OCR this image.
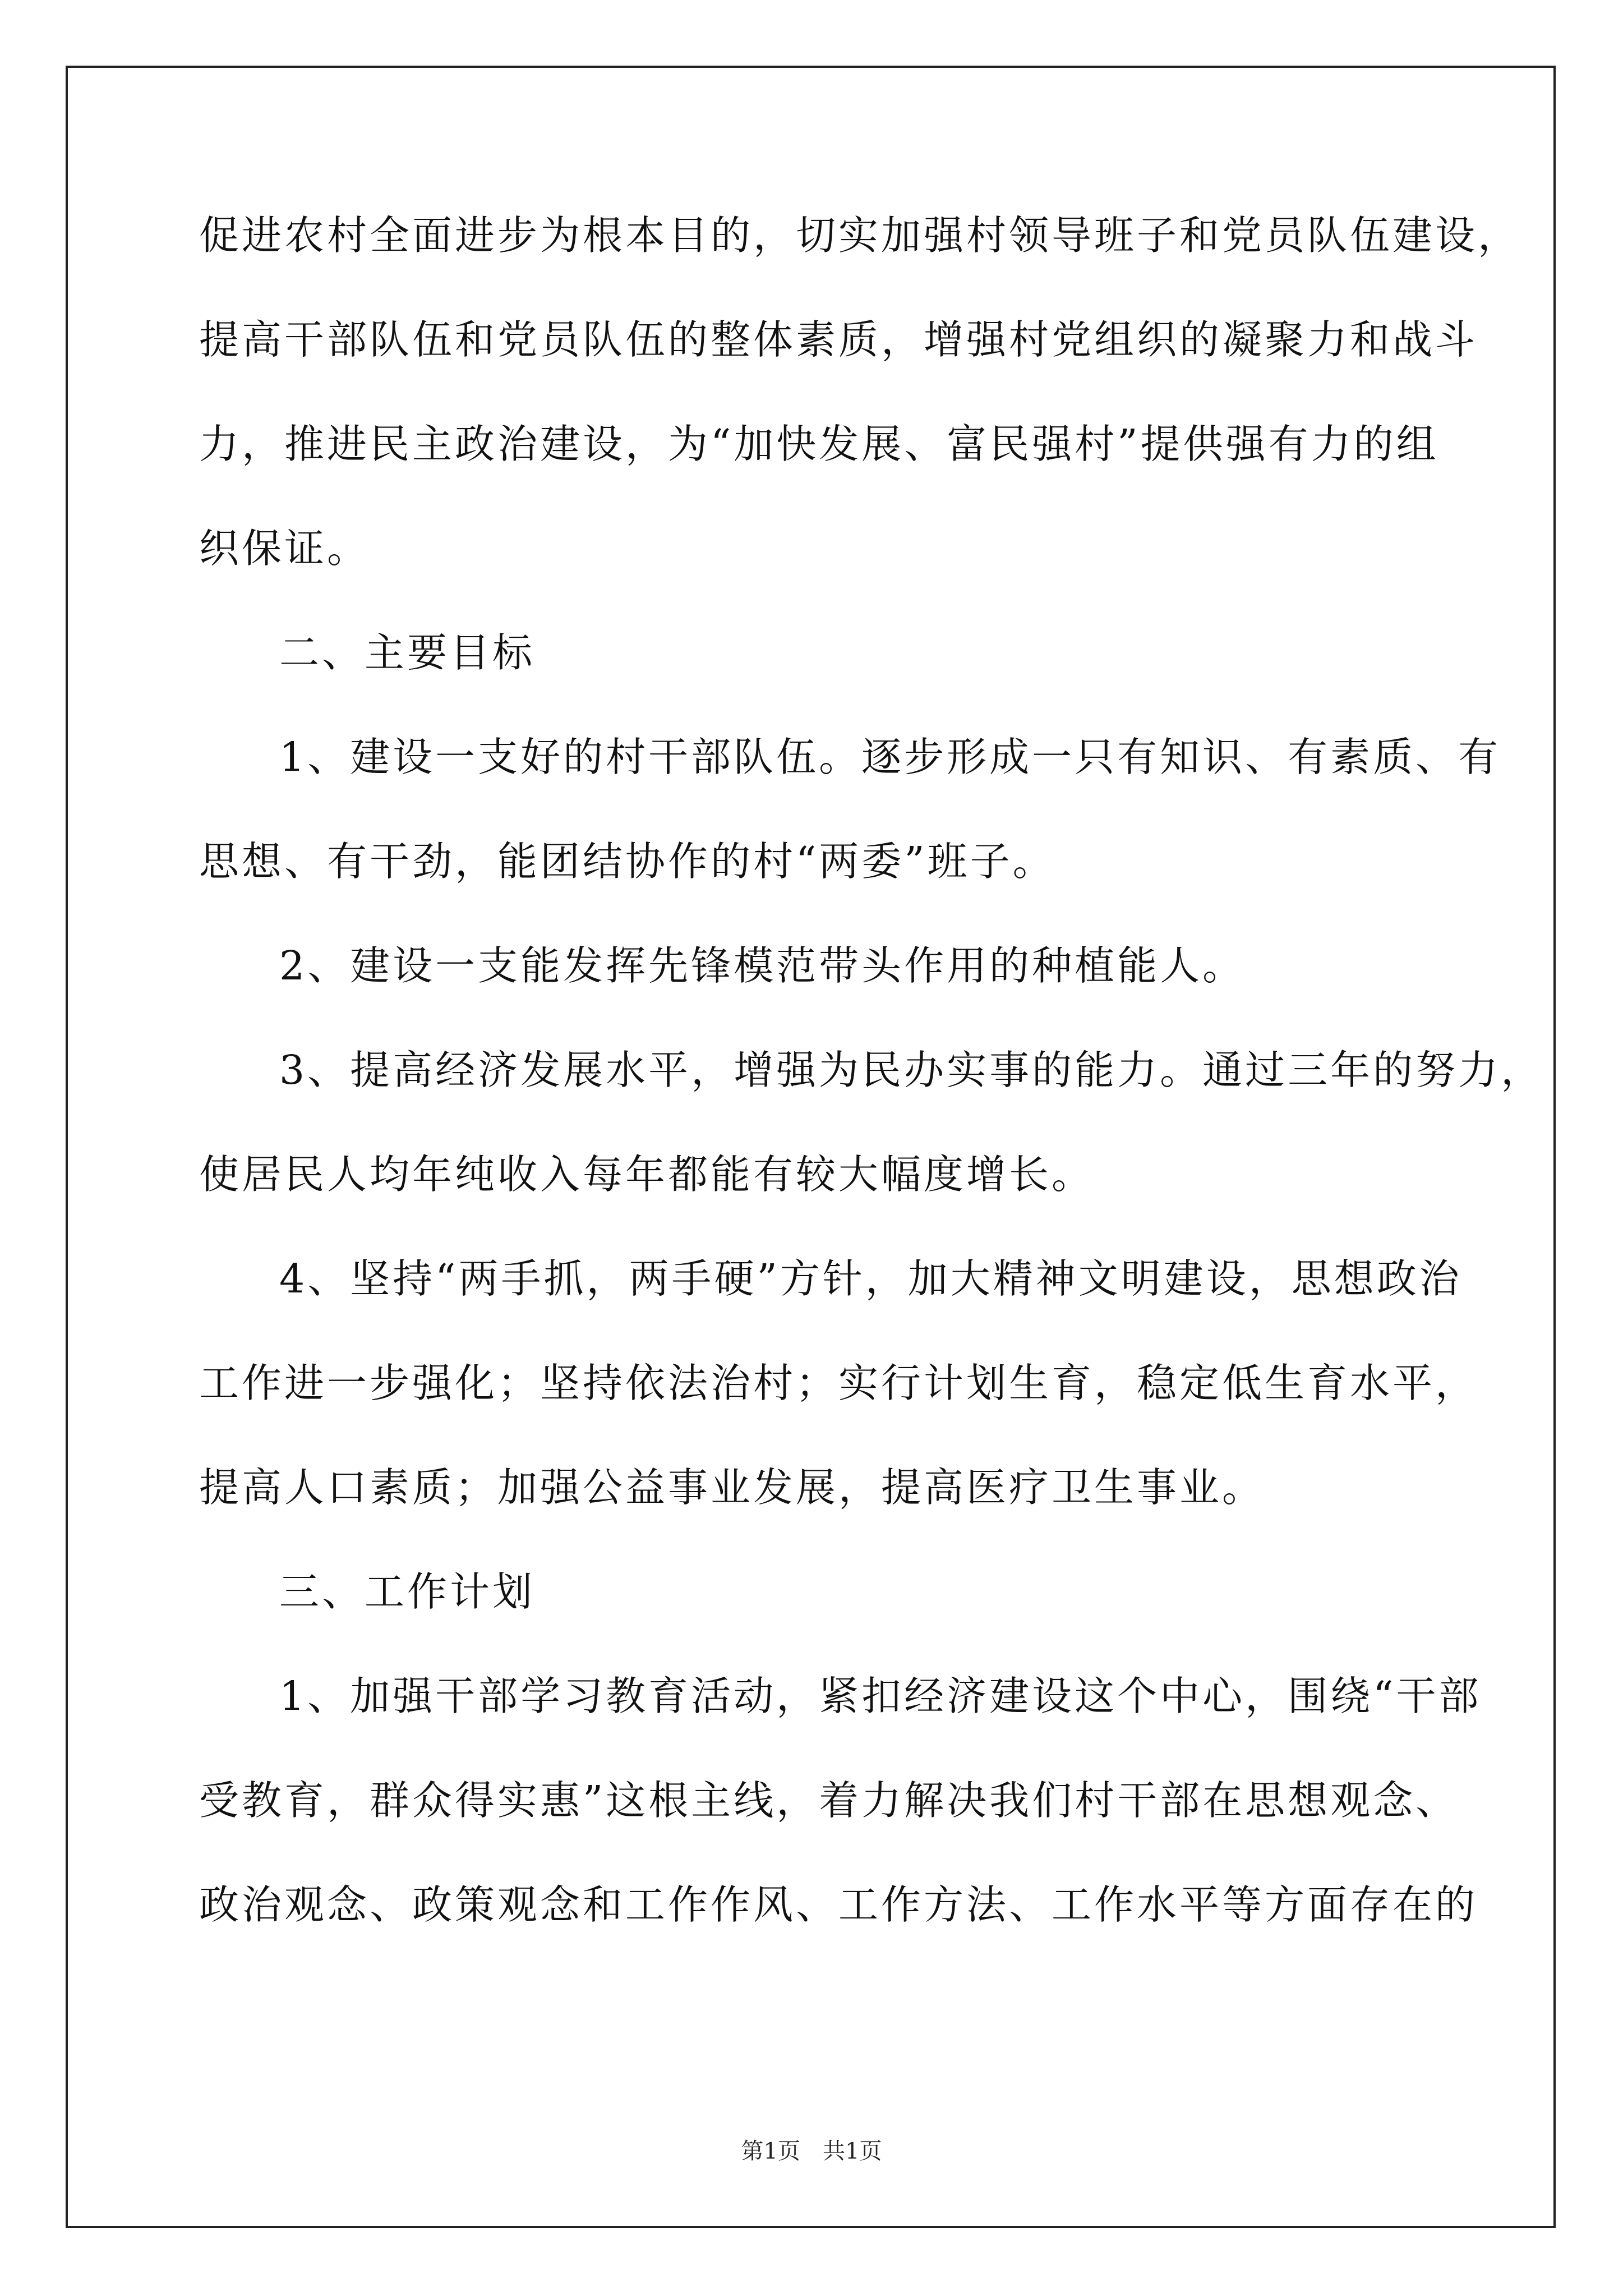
促进农村全面进步为根本目的，切实加强村领导班子和党员队伍建设，
提高干部队伍和党员队伍的整体素质，增强村党组织的凝聚力和战斗
力，推进民主政治建设，为“加快发展、富民强村”提供强有力的组
织保证。
二、主要目标
1、建设一支好的村干部队伍。逐步形成一只有知识、有素质、有
思想、有干劲，能团结协作的村“两委”班子。
2、建设一支能发挥先锋模范带头作用的种植能人。
3、提高经济发展水平，增强为民办实事的能力。通过三年的努力，
使居民人均年纯收入每年都能有较大幅度增长。
4、坚持“两手抓，两手硬”方针，加大精神文明建设，思想政治
工作进一步强化；坚持依法治村；实行计划生育，稳定低生育水平，
提高人口素质；加强公益事业发展，提高医疗卫生事业。
三、工作计划
1、加强干部学习教育活动，紧扣经济建设这个中心，围绕“干部
受教育，群众得实惠”这根主线，着力解决我们村干部在思想观念、
政治观念、政策观念和工作作风、工作方法、工作水平等方面存在的
第1页　共1页
